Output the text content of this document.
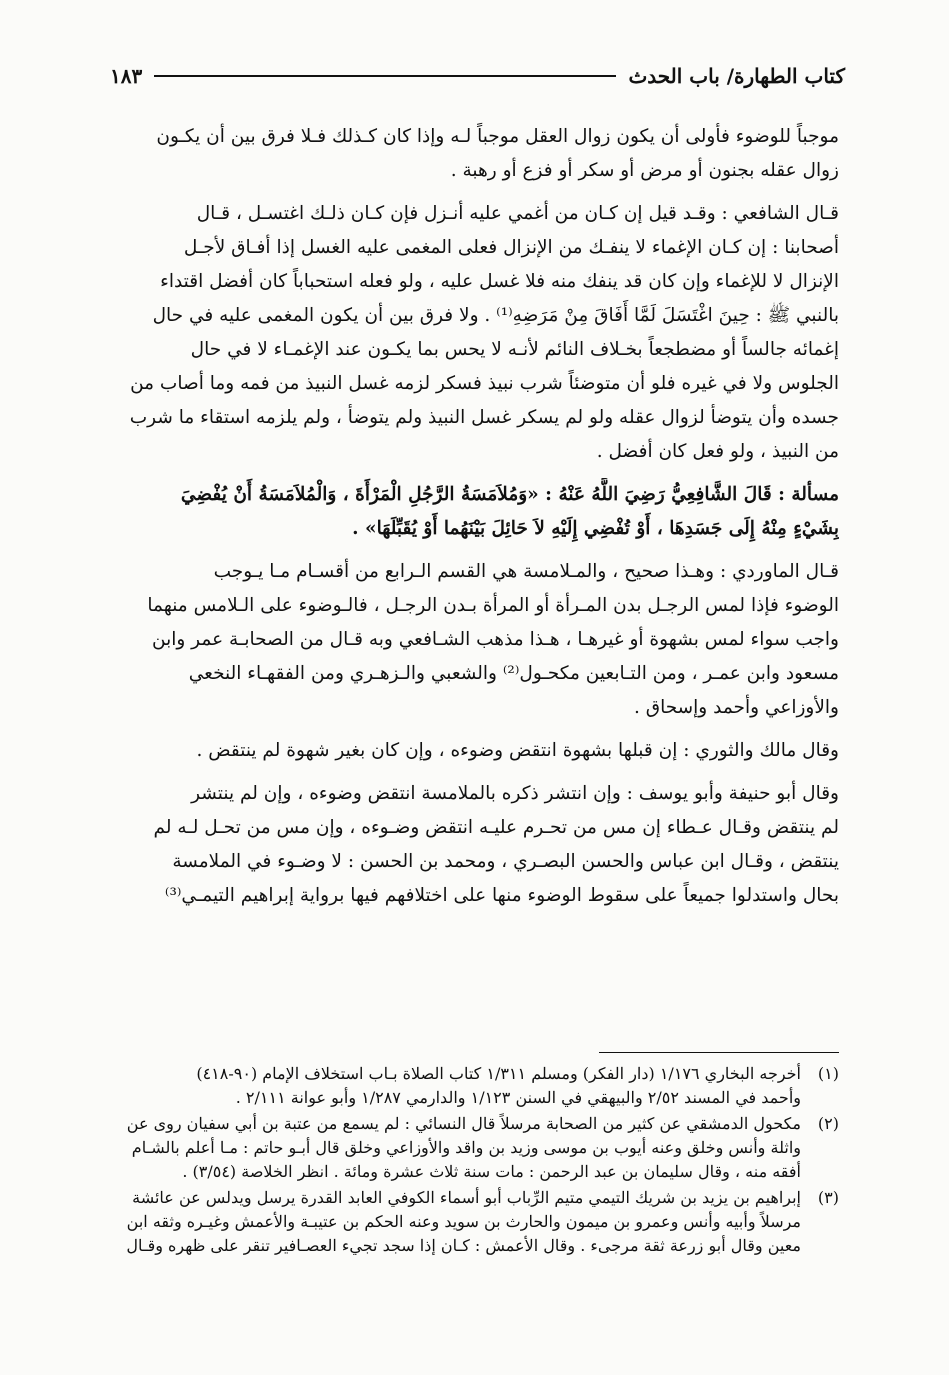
كتاب الطهارة/ باب الحدث
١٨٣

موجباً للوضوء فأولى أن يكون زوال العقل موجباً لـه وإذا كان كـذلك فـلا فرق بين أن يكـون
زوال عقله بجنون أو مرض أو سكر أو فزع أو رهبة .

قـال الشافعي : وقـد قيل إن كـان من أغمي عليه أنـزل فإن كـان ذلـك اغتسـل ، قـال
أصحابنا : إن كـان الإغماء لا ينفـك من الإنزال فعلى المغمى عليه الغسل إذا أفـاق لأجـل
الإنزال لا للإغماء وإن كان قد ينفك منه فلا غسل عليه ، ولو فعله استحباباً كان أفضل اقتداء
بالنبي ﷺ : حِينَ اغْتَسَلَ لَمَّا أَفَاقَ مِنْ مَرَضِهِ⁽¹⁾ . ولا فرق بين أن يكون المغمى عليه في حال
إغمائه جالساً أو مضطجعاً بخـلاف النائم لأنـه لا يحس بما يكـون عند الإغمـاء لا في حال
الجلوس ولا في غيره فلو أن متوضئاً شرب نبيذ فسكر لزمه غسل النبيذ من فمه وما أصاب من
جسده وأن يتوضأ لزوال عقله ولو لم يسكر غسل النبيذ ولم يتوضأ ، ولم يلزمه استقاء ما شرب
من النبيذ ، ولو فعل كان أفضل .

مسألة : قَالَ الشَّافِعِيُّ رَضِيَ اللَّهُ عَنْهُ : «وَمُلاَمَسَةُ الرَّجُلِ الْمَرْأَةَ ، وَالْمُلاَمَسَةُ أَنْ يُفْضِيَ
بِشَيْءٍ مِنْهُ إِلَى جَسَدِهَا ، أَوْ تُفْضِي إِلَيْهِ لاَ حَائِلَ بَيْنَهُما أَوْ يُقَبِّلَهَا» .

قـال الماوردي : وهـذا صحيح ، والمـلامسة هي القسم الـرابع من أقسـام مـا يـوجب
الوضوء فإذا لمس الرجـل بدن المـرأة أو المرأة بـدن الرجـل ، فالـوضوء على الـلامس منهما
واجب سواء لمس بشهوة أو غيرهـا ، هـذا مذهب الشـافعي وبه قـال من الصحابـة عمر وابن
مسعود وابن عمـر ، ومن التـابعين مكحـول⁽²⁾ والشعبي والـزهـري ومن الفقهـاء النخعي
والأوزاعي وأحمد وإسحاق .

وقال مالك والثوري : إن قبلها بشهوة انتقض وضوءه ، وإن كان بغير شهوة لم ينتقض .

وقال أبو حنيفة وأبو يوسف : وإن انتشر ذكره بالملامسة انتقض وضوءه ، وإن لم ينتشر
لم ينتقض وقـال عـطاء إن مس من تحـرم عليـه انتقض وضـوءه ، وإن مس من تحـل لـه لم
ينتقض ، وقـال ابن عباس والحسن البصـري ، ومحمد بن الحسن : لا وضـوء في الملامسة
بحال واستدلوا جميعاً على سقوط الوضوء منها على اختلافهم فيها برواية إبراهيم التيمـي⁽³⁾

(١)
أخرجه البخاري ١/١٧٦ (دار الفكر) ومسلم ١/٣١١ كتاب الصلاة بـاب استخلاف الإمام (٩٠-٤١٨)
وأحمد في المسند ٢/٥٢ والبيهقي في السنن ١/١٢٣ والدارمي ١/٢٨٧ وأبو عوانة ٢/١١١ .
(٢)
مكحول الدمشقي عن كثير من الصحابة مرسلاً قال النسائي : لم يسمع من عتبة بن أبي سفيان روى عن
واثلة وأنس وخلق وعنه أيوب بن موسى وزيد بن واقد والأوزاعي وخلق قال أبـو حاتم : مـا أعلم بالشـام
أفقه منه ، وقال سليمان بن عبد الرحمن : مات سنة ثلاث عشرة ومائة . انظر الخلاصة (٣/٥٤) .
(٣)
إبراهيم بن يزيد بن شريك التيمي متيم الرِّباب أبو أسماء الكوفي العابد القدرة يرسل ويدلس عن عائشة
مرسلاً وأبيه وأنس وعمرو بن ميمون والحارث بن سويد وعنه الحكم بن عتيبـة والأعمش وغيـره وثقه ابن
معين وقال أبو زرعة ثقة مرجىء . وقال الأعمش : كـان إذا سجد تجيء العصـافير تنقر على ظهره وقـال
